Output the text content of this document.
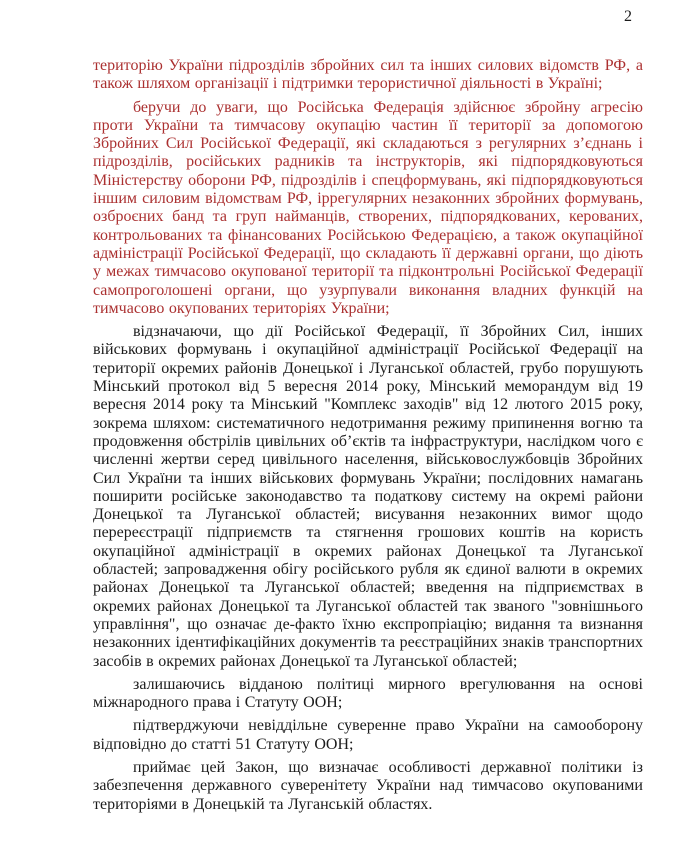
2

територію України підрозділів збройних сил та інших силових відомств РФ, а також шляхом організації і підтримки терористичної діяльності в Україні;

беручи до уваги, що Російська Федерація здійснює збройну агресію проти України та тимчасову окупацію частин її території за допомогою Збройних Сил Російської Федерації, які складаються з регулярних з’єднань і підрозділів, російських радників та інструкторів, які підпорядковуються Міністерству оборони РФ, підрозділів і спецформувань, які підпорядковуються іншим силовим відомствам РФ, іррегулярних незаконних збройних формувань, озброєних банд та груп найманців, створених, підпорядкованих, керованих, контрольованих та фінансованих Російською Федерацією, а також окупаційної адміністрації Російської Федерації, що складають її державні органи, що діють у межах тимчасово окупованої території та підконтрольні Російської Федерації самопроголошені органи, що узурпували виконання владних функцій на тимчасово окупованих територіях України;

відзначаючи, що дії Російської Федерації, її Збройних Сил, інших військових формувань і окупаційної адміністрації Російської Федерації на території окремих районів Донецької і Луганської областей, грубо порушують Мінський протокол від 5 вересня 2014 року, Мінський меморандум від 19 вересня 2014 року та Мінський "Комплекс заходів" від 12 лютого 2015 року, зокрема шляхом: систематичного недотримання режиму припинення вогню та продовження обстрілів цивільних об’єктів та інфраструктури, наслідком чого є численні жертви серед цивільного населення, військовослужбовців Збройних Сил України та інших військових формувань України; послідовних намагань поширити російське законодавство та податкову систему на окремі райони Донецької та Луганської областей; висування незаконних вимог щодо перереєстрації підприємств та стягнення грошових коштів на користь окупаційної адміністрації в окремих районах Донецької та Луганської областей; запровадження обігу російського рубля як єдиної валюти в окремих районах Донецької та Луганської областей; введення на підприємствах в окремих районах Донецької та Луганської областей так званого "зовнішнього управління", що означає де-факто їхню експропріацію; видання та визнання незаконних ідентифікаційних документів та реєстраційних знаків транспортних засобів в окремих районах Донецької та Луганської областей;

залишаючись відданою політиці мирного врегулювання на основі міжнародного права і Статуту ООН;

підтверджуючи невіддільне суверенне право України на самооборону відповідно до статті 51 Статуту ООН;

приймає цей Закон, що визначає особливості державної політики із забезпечення державного суверенітету України над тимчасово окупованими територіями в Донецькій та Луганській областях.
